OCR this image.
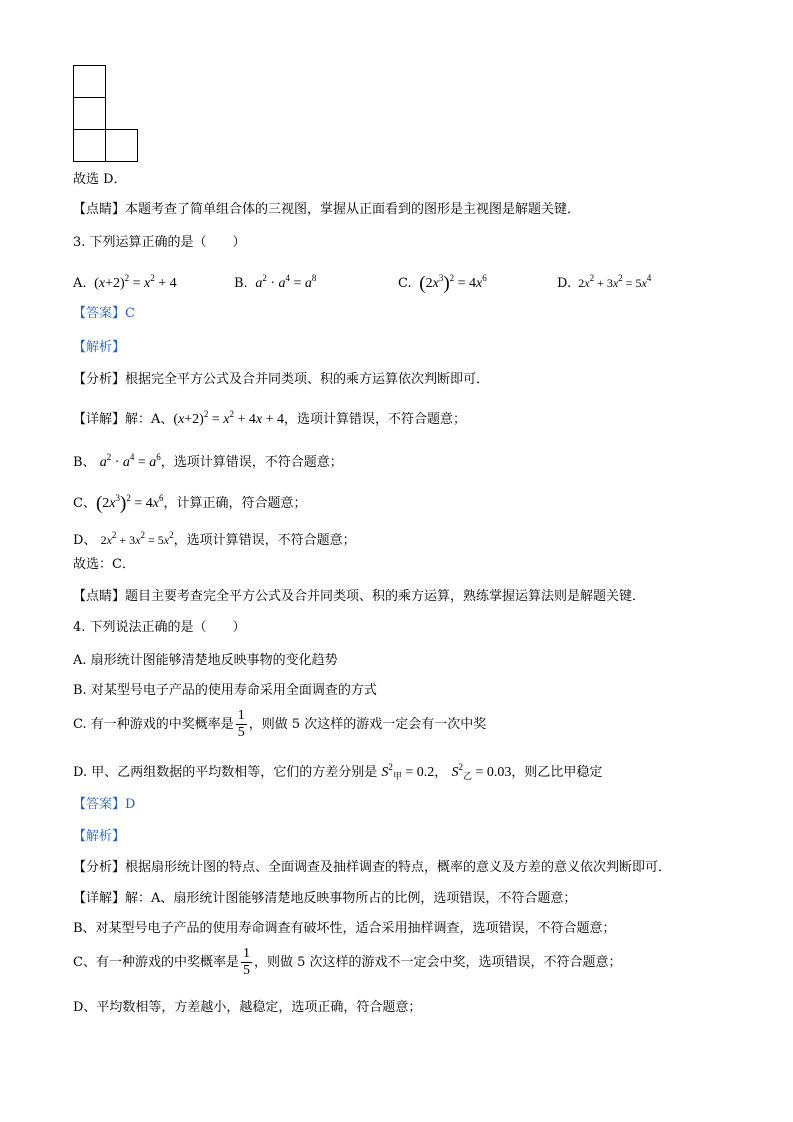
故选 D．
【点睛】本题考查了简单组合体的三视图，掌握从正面看到的图形是主视图是解题关键．
3. 下列运算正确的是（　　）
A. $(x+2)^2 = x^2 + 4$	B.  $a^2 \cdot a^4 = a^8$	C. $(2x^3)^2 = 4x^6$	D. $2x^2 + 3x^2 = 5x^4$
【答案】C
【解析】
【分析】根据完全平方公式及合并同类项、积的乘方运算依次判断即可．
【详解】解：A、$(x+2)^2 = x^2 + 4x + 4$，选项计算错误，不符合题意；
B、 $a^2 \cdot a^4 = a^6$，选项计算错误，不符合题意；
C、$(2x^3)^2 = 4x^6$，计算正确，符合题意；
D、 $2x^2 + 3x^2 = 5x^2$，选项计算错误，不符合题意；
故选：C．
【点睛】题目主要考查完全平方公式及合并同类项、积的乘方运算，熟练掌握运算法则是解题关键．
4. 下列说法正确的是（　　）
A. 扇形统计图能够清楚地反映事物的变化趋势
B. 对某型号电子产品的使用寿命采用全面调查的方式
C. 有一种游戏的中奖概率是 $\frac{1}{5}$ ，则做 5 次这样的游戏一定会有一次中奖
D. 甲、乙两组数据的平均数相等，它们的方差分别是 $S^2_甲 = 0.2$， $S^2_乙 = 0.03$，则乙比甲稳定
【答案】D
【解析】
【分析】根据扇形统计图的特点、全面调查及抽样调查的特点，概率的意义及方差的意义依次判断即可．
【详解】解：A、扇形统计图能够清楚地反映事物所占的比例，选项错误，不符合题意；
B、对某型号电子产品的使用寿命调查有破坏性，适合采用抽样调查，选项错误，不符合题意；
C、有一种游戏的中奖概率是 $\frac{1}{5}$ ，则做 5 次这样的游戏不一定会中奖，选项错误，不符合题意；
D、平均数相等，方差越小，越稳定，选项正确，符合题意；
